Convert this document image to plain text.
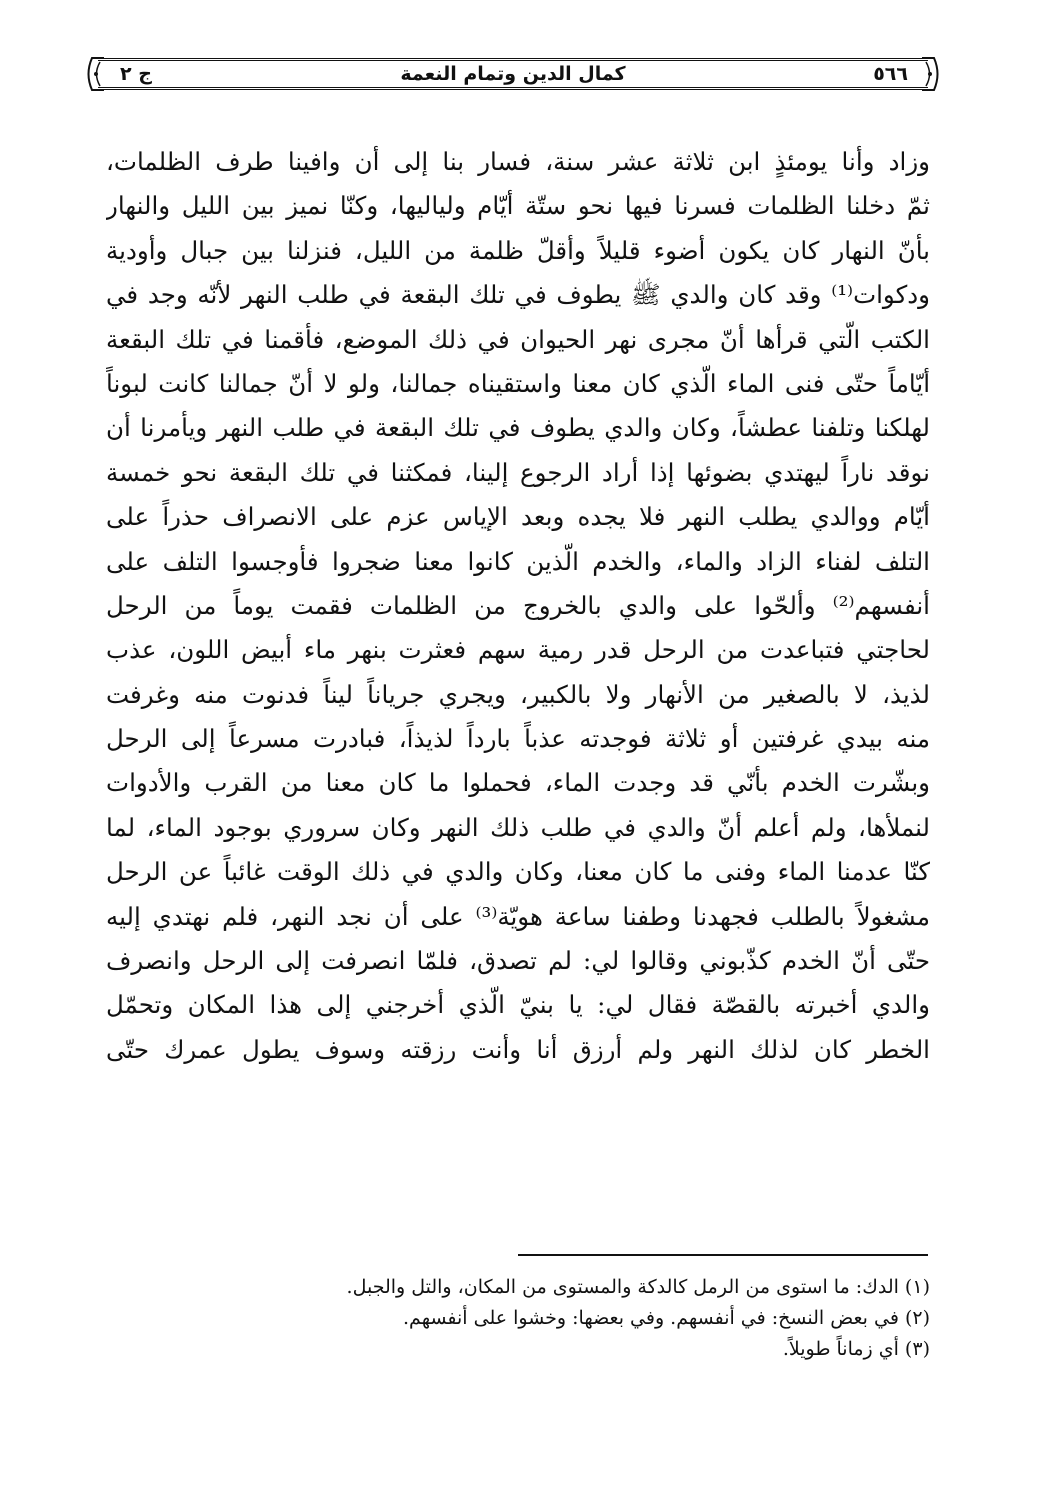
٥٦٦
كمال الدين وتمام النعمة
ج ٢
وزاد وأنا يومئذٍ ابن ثلاثة عشر سنة، فسار بنا إلى أن وافينا طرف الظلمات،
ثمّ دخلنا الظلمات فسرنا فيها نحو ستّة أيّام ولياليها، وكنّا نميز بين الليل والنهار
بأنّ النهار كان يكون أضوء قليلاً وأقلّ ظلمة من الليل، فنزلنا بين جبال وأودية
ودكوات⁽¹⁾ وقد كان والدي ﷺ يطوف في تلك البقعة في طلب النهر لأنّه وجد في
الكتب الّتي قرأها أنّ مجرى نهر الحيوان في ذلك الموضع، فأقمنا في تلك البقعة
أيّاماً حتّى فنى الماء الّذي كان معنا واستقيناه جمالنا، ولو لا أنّ جمالنا كانت لبوناً
لهلكنا وتلفنا عطشاً، وكان والدي يطوف في تلك البقعة في طلب النهر ويأمرنا أن
نوقد ناراً ليهتدي بضوئها إذا أراد الرجوع إلينا، فمكثنا في تلك البقعة نحو خمسة
أيّام ووالدي يطلب النهر فلا يجده وبعد الإياس عزم على الانصراف حذراً على
التلف لفناء الزاد والماء، والخدم الّذين كانوا معنا ضجروا فأوجسوا التلف على
أنفسهم⁽²⁾ وألحّوا على والدي بالخروج من الظلمات فقمت يوماً من الرحل
لحاجتي فتباعدت من الرحل قدر رمية سهم فعثرت بنهر ماء أبيض اللون، عذب
لذيذ، لا بالصغير من الأنهار ولا بالكبير، ويجري جرياناً ليناً فدنوت منه وغرفت
منه بيدي غرفتين أو ثلاثة فوجدته عذباً بارداً لذيذاً، فبادرت مسرعاً إلى الرحل
وبشّرت الخدم بأنّي قد وجدت الماء، فحملوا ما كان معنا من القرب والأدوات
لنملأها، ولم أعلم أنّ والدي في طلب ذلك النهر وكان سروري بوجود الماء، لما
كنّا عدمنا الماء وفنى ما كان معنا، وكان والدي في ذلك الوقت غائباً عن الرحل
مشغولاً بالطلب فجهدنا وطفنا ساعة هويّة⁽³⁾ على أن نجد النهر، فلم نهتدي إليه
حتّى أنّ الخدم كذّبوني وقالوا لي: لم تصدق، فلمّا انصرفت إلى الرحل وانصرف
والدي أخبرته بالقصّة فقال لي: يا بنيّ الّذي أخرجني إلى هذا المكان وتحمّل
الخطر كان لذلك النهر ولم أرزق أنا وأنت رزقته وسوف يطول عمرك حتّى
(١) الدك: ما استوى من الرمل كالدكة والمستوى من المكان، والتل والجبل.
(٢) في بعض النسخ: في أنفسهم. وفي بعضها: وخشوا على أنفسهم.
(٣) أي زماناً طويلاً.
